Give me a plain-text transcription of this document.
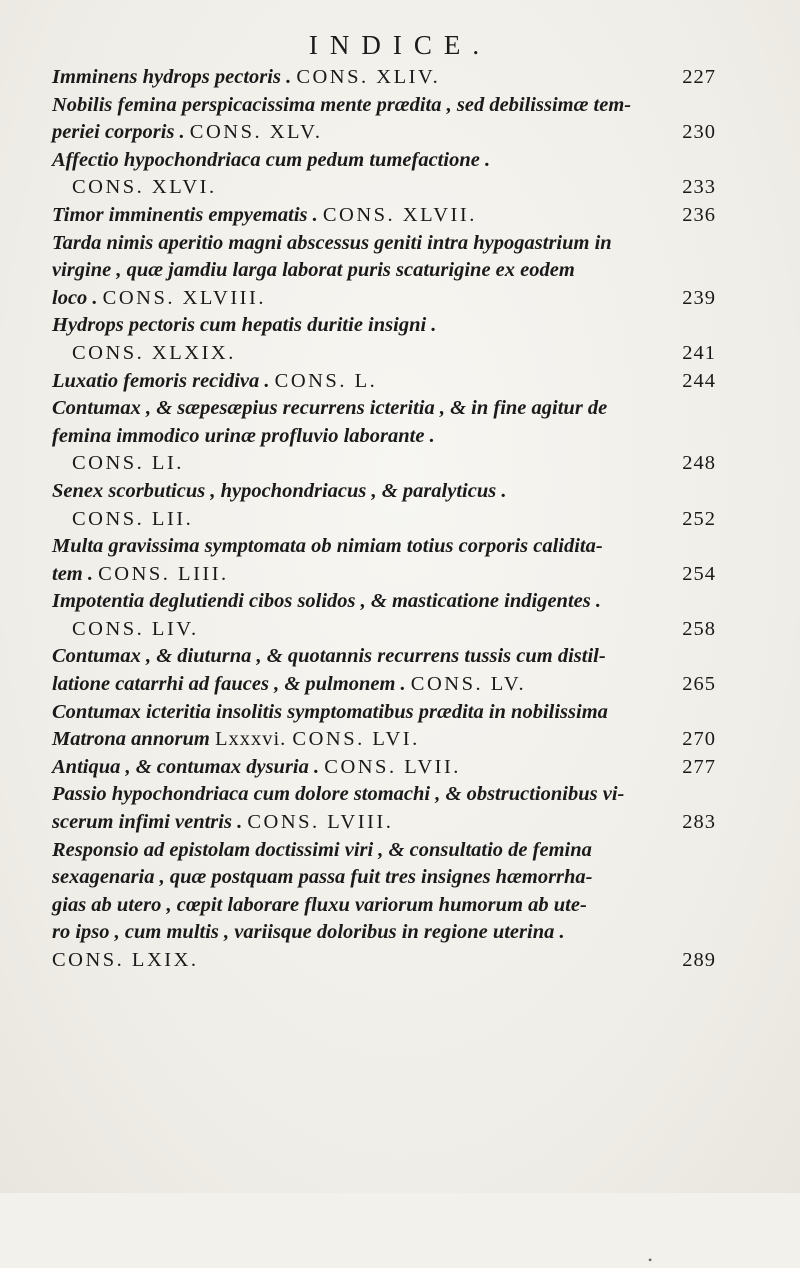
INDICE.
Imminens hydrops pectoris . CONS. XLIV.	227
Nobilis femina perspicacissima mente prædita , sed debilissimæ tem-
periei corporis . CONS. XLV.	230
Affectio hypochondriaca cum pedum tumefactione .
CONS. XLVI.	233
Timor imminentis empyematis . CONS. XLVII.	236
Tarda nimis aperitio magni abscessus geniti intra hypogastrium in
virgine , quæ jamdiu larga laborat puris scaturigine ex eodem
loco . CONS. XLVIII.	239
Hydrops pectoris cum hepatis duritie insigni .
CONS. XLXIX.	241
Luxatio femoris recidiva . CONS. L.	244
Contumax , & sæpesæpius recurrens icteritia , & in fine agitur de
femina immodico urinæ profluvio laborante .
CONS. LI.	248
Senex scorbuticus , hypochondriacus , & paralyticus .
CONS. LII.	252
Multa gravissima symptomata ob nimiam totius corporis calidita-
tem . CONS. LIII.	254
Impotentia deglutiendi cibos solidos , & masticatione indigentes .
CONS. LIV.	258
Contumax , & diuturna , & quotannis recurrens tussis cum distil-
latione catarrhi ad fauces , & pulmonem . CONS. LV.	265
Contumax icteritia insolitis symptomatibus prædita in nobilissima
Matrona annorum Lxxxvi. CONS. LVI.	270
Antiqua , & contumax dysuria . CONS. LVII.	277
Passio hypochondriaca cum dolore stomachi , & obstructionibus vi-
scerum infimi ventris . CONS. LVIII.	283
Responsio ad epistolam doctissimi viri , & consultatio de femina
sexagenaria , quæ postquam passa fuit tres insignes hæmorrha-
gias ab utero , cœpit laborare fluxu variorum humorum ab ute-
ro ipso , cum multis , variisque doloribus in regione uterina .
CONS. LXIX.	289
•
